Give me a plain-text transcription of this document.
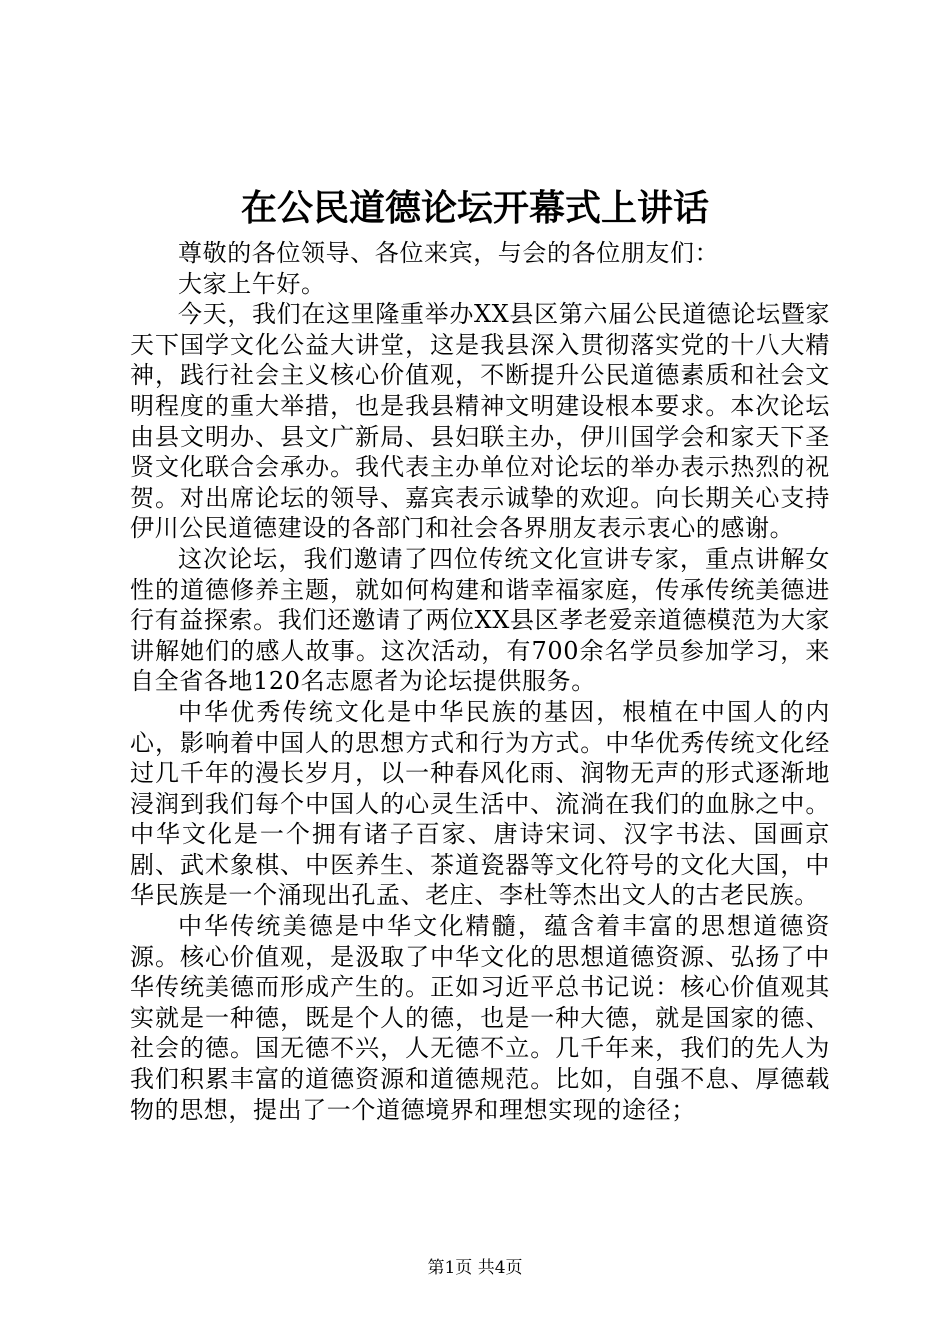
在公民道德论坛开幕式上讲话

尊敬的各位领导、各位来宾，与会的各位朋友们：

大家上午好。

今天，我们在这里隆重举办XX县区第六届公民道德论坛暨家天下国学文化公益大讲堂，这是我县深入贯彻落实党的十八大精神，践行社会主义核心价值观，不断提升公民道德素质和社会文明程度的重大举措，也是我县精神文明建设根本要求。本次论坛由县文明办、县文广新局、县妇联主办，伊川国学会和家天下圣贤文化联合会承办。我代表主办单位对论坛的举办表示热烈的祝贺。对出席论坛的领导、嘉宾表示诚挚的欢迎。向长期关心支持伊川公民道德建设的各部门和社会各界朋友表示衷心的感谢。

这次论坛，我们邀请了四位传统文化宣讲专家，重点讲解女性的道德修养主题，就如何构建和谐幸福家庭，传承传统美德进行有益探索。我们还邀请了两位XX县区孝老爱亲道德模范为大家讲解她们的感人故事。这次活动，有700余名学员参加学习，来自全省各地120名志愿者为论坛提供服务。

中华优秀传统文化是中华民族的基因，根植在中国人的内心，影响着中国人的思想方式和行为方式。中华优秀传统文化经过几千年的漫长岁月，以一种春风化雨、润物无声的形式逐渐地浸润到我们每个中国人的心灵生活中、流淌在我们的血脉之中。中华文化是一个拥有诸子百家、唐诗宋词、汉字书法、国画京剧、武术象棋、中医养生、茶道瓷器等文化符号的文化大国，中华民族是一个涌现出孔孟、老庄、李杜等杰出文人的古老民族。

中华传统美德是中华文化精髓，蕴含着丰富的思想道德资源。核心价值观，是汲取了中华文化的思想道德资源、弘扬了中华传统美德而形成产生的。正如习近平总书记说：核心价值观其实就是一种德，既是个人的德，也是一种大德，就是国家的德、社会的德。国无德不兴，人无德不立。几千年来，我们的先人为我们积累丰富的道德资源和道德规范。比如，自强不息、厚德载物的思想，提出了一个道德境界和理想实现的途径；

第1页 共4页
